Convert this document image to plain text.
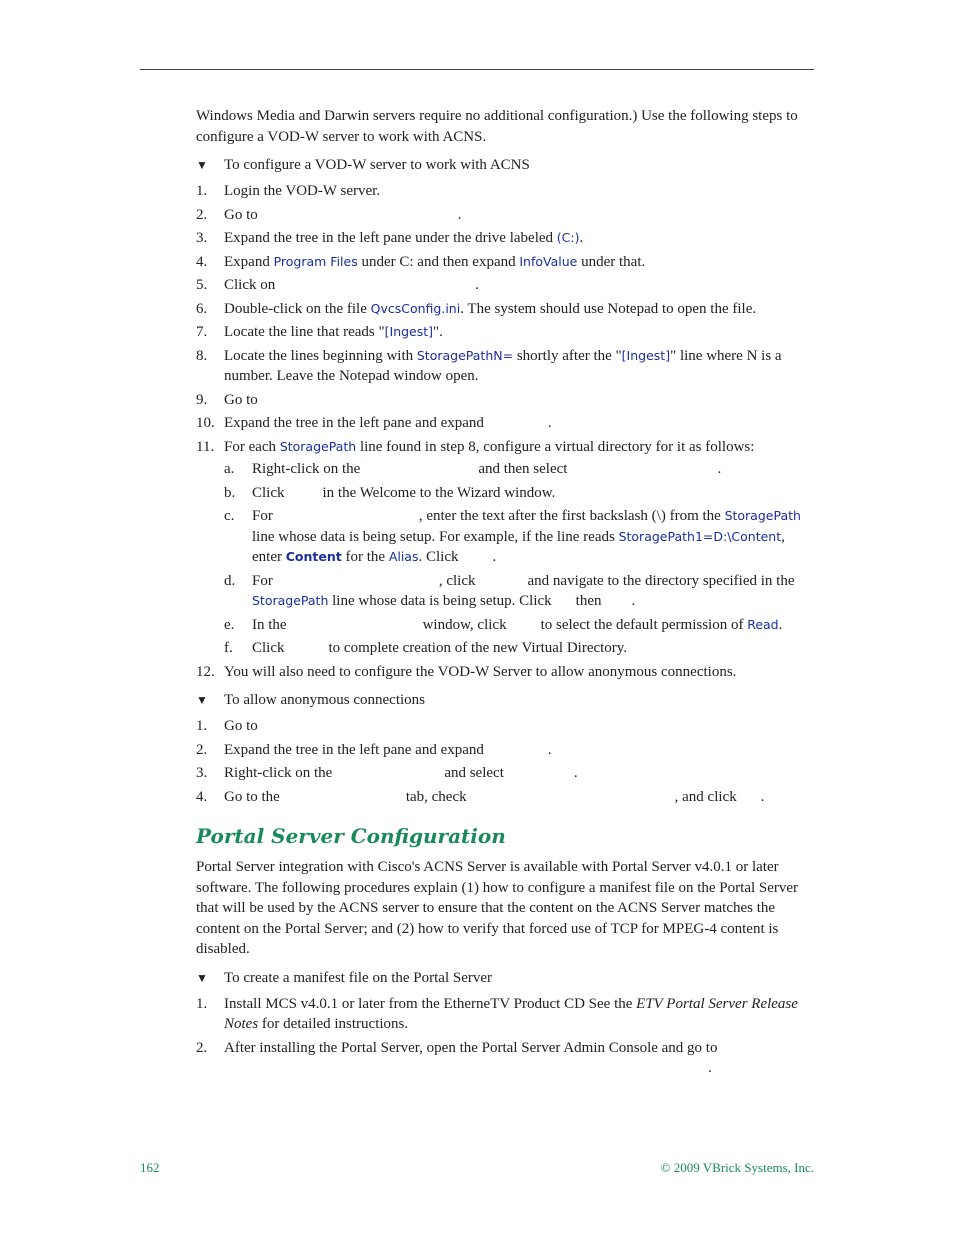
Windows Media and Darwin servers require no additional configuration.) Use the following steps to configure a VOD-W server to work with ACNS.

▼ To configure a VOD-W server to work with ACNS
1. Login the VOD-W server.
2. Go to	.
3. Expand the tree in the left pane under the drive labeled (C:).
4. Expand Program Files under C: and then expand InfoValue under that.
5. Click on	.
6. Double-click on the file QvcsConfig.ini. The system should use Notepad to open the file.
7. Locate the line that reads "[Ingest]".
8. Locate the lines beginning with StoragePathN= shortly after the "[Ingest]" line where N is a number. Leave the Notepad window open.
9. Go to
10. Expand the tree in the left pane and expand	.
11. For each StoragePath line found in step 8, configure a virtual directory for it as follows:
a. Right-click on the	and then select	.
b. Click	in the Welcome to the Wizard window.
c. For	, enter the text after the first backslash (\) from the StoragePath line whose data is being setup. For example, if the line reads StoragePath1=D:\Content, enter Content for the Alias. Click .
d. For	, click	and navigate to the directory specified in the StoragePath line whose data is being setup. Click then .
e. In the	window, click to select the default permission of Read.
f. Click	to complete creation of the new Virtual Directory.
12. You will also need to configure the VOD-W Server to allow anonymous connections.
▼ To allow anonymous connections
1. Go to
2. Expand the tree in the left pane and expand	.
3. Right-click on the	and select	.
4. Go to the	tab, check	, and click .
Portal Server Configuration

Portal Server integration with Cisco's ACNS Server is available with Portal Server v4.0.1 or later software. The following procedures explain (1) how to configure a manifest file on the Portal Server that will be used by the ACNS server to ensure that the content on the ACNS Server matches the content on the Portal Server; and (2) how to verify that forced use of TCP for MPEG-4 content is disabled.

▼ To create a manifest file on the Portal Server
1. Install MCS v4.0.1 or later from the EtherneTV Product CD See the ETV Portal Server Release Notes for detailed instructions.
2. After installing the Portal Server, open the Portal Server Admin Console and go to
.
162	© 2009 VBrick Systems, Inc.
